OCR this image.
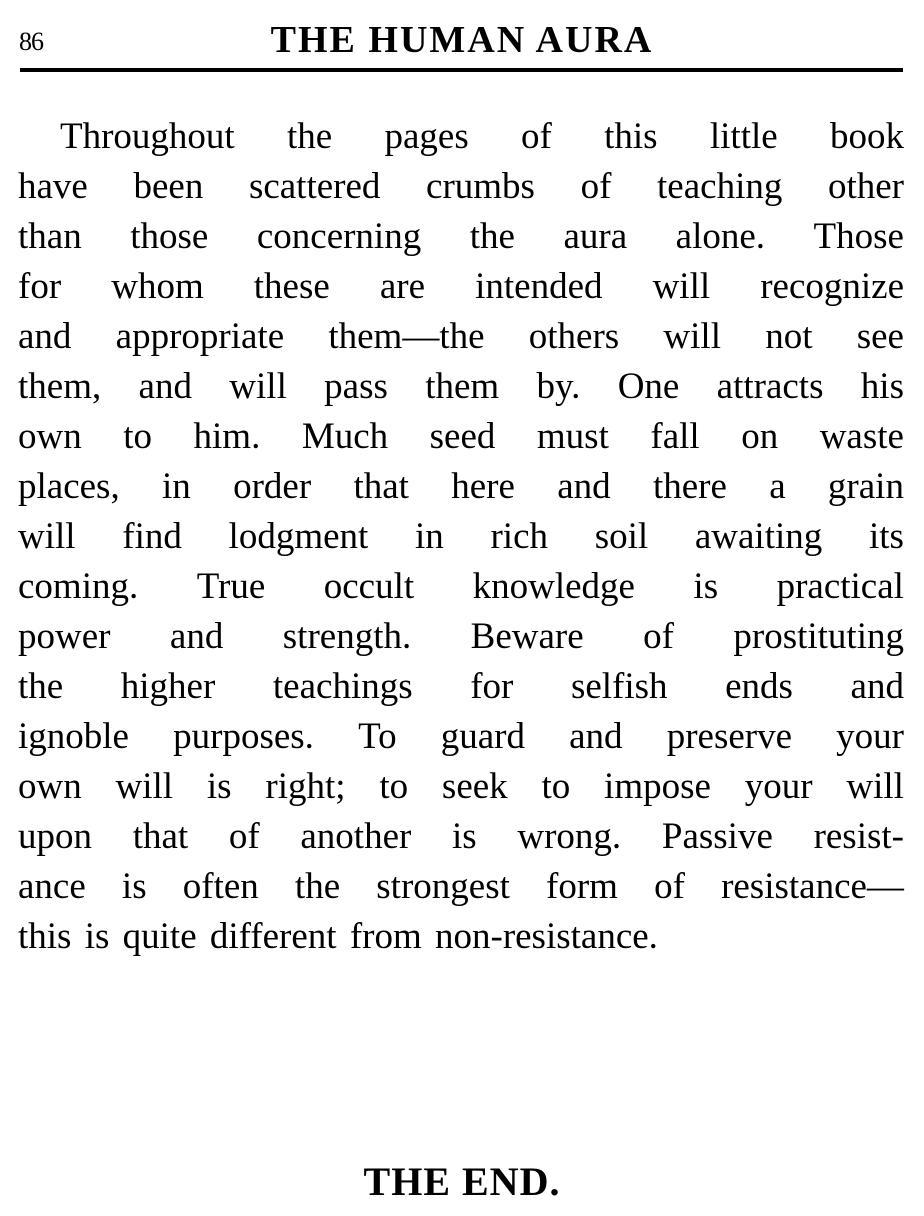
86	THE HUMAN AURA
Throughout the pages of this little book
have been scattered crumbs of teaching other
than those concerning the aura alone. Those
for whom these are intended will recognize
and appropriate them—the others will not see
them, and will pass them by. One attracts his
own to him. Much seed must fall on waste
places, in order that here and there a grain
will find lodgment in rich soil awaiting its
coming. True occult knowledge is practical
power and strength. Beware of prostituting
the higher teachings for selfish ends and
ignoble purposes. To guard and preserve your
own will is right; to seek to impose your will
upon that of another is wrong. Passive resist-
ance is often the strongest form of resistance—
this is quite different from non-resistance.
THE END.
